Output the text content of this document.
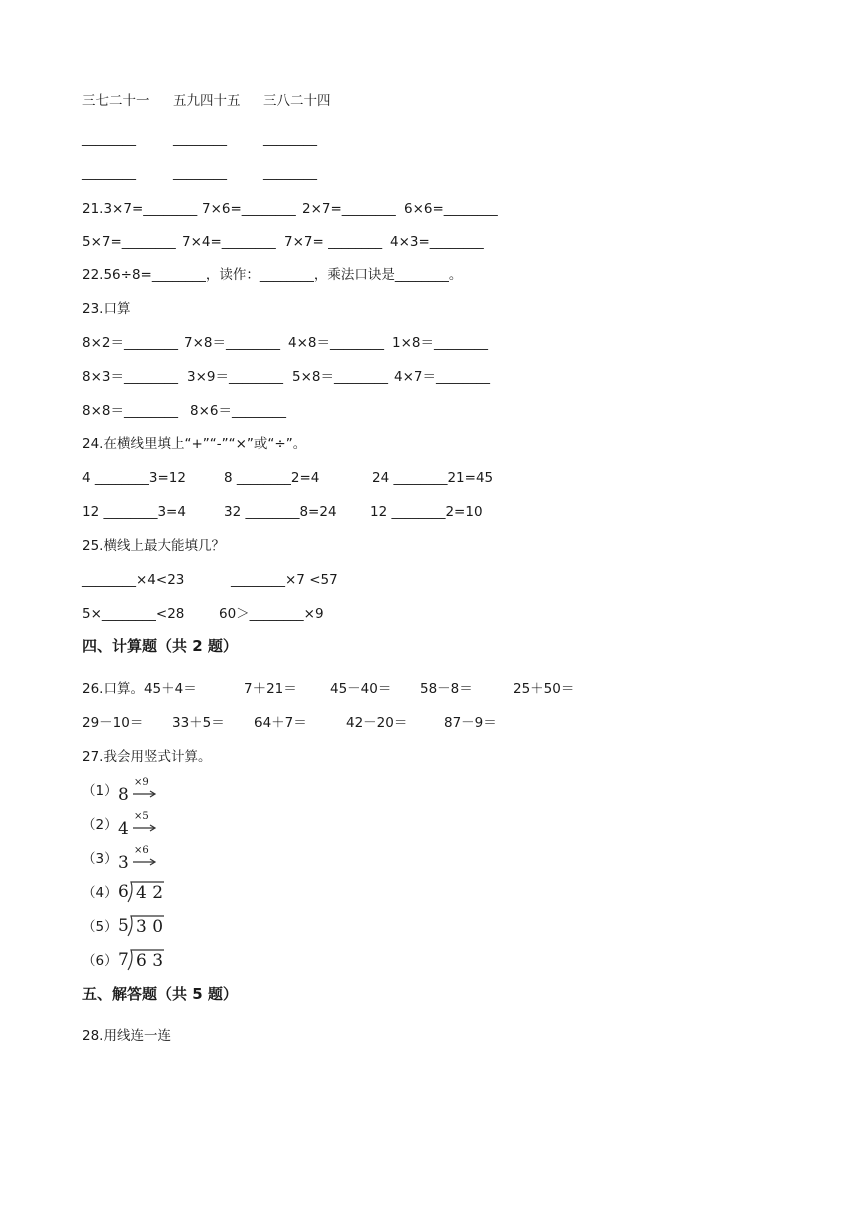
三七二十一 五九四十五 三八二十四
________	________	________
________	________	________
21.3×7=________ 7×6=________ 2×7=________ 6×6=________
5×7=________ 7×4=________ 7×7= ________ 4×3=________
22.56÷8=________，读作：________，乘法口诀是________。
23.口算
8×2＝________ 7×8＝________ 4×8＝________ 1×8＝________
8×3＝________ 3×9＝________ 5×8＝________ 4×7＝________
8×8＝________ 8×6＝________
24.在横线里填上“+”“-”“×”或“÷”。
4 ________3=12	8 ________2=4	24 ________21=45
12 ________3=4	32 ________8=24 12 ________2=10
25.横线上最大能填几？
________×4<23	________×7 <57
5×________<28	60＞________×9
四、计算题（共 2 题）
26.口算。45＋4＝	7＋21＝ 45－40＝ 58－8＝	25＋50＝
29－10＝ 33＋5＝ 64＋7＝	42－20＝	87－9＝
27.我会用竖式计算。
（1） 8
×9
（2） 4
×5
（3） 3
×6
（4） 6 4 2
（5） 5 3 0
（6） 7 6 3
五、解答题（共 5 题）
28.用线连一连
